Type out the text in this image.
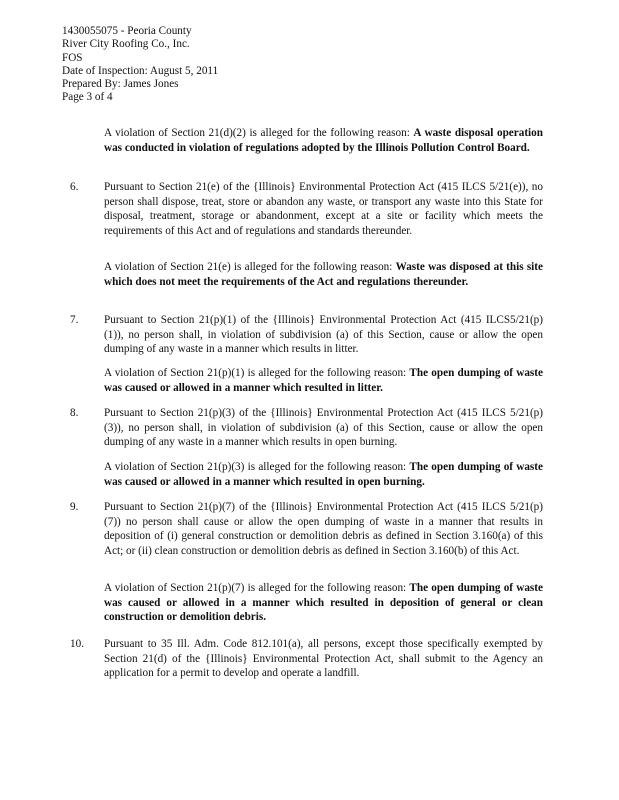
1430055075 - Peoria County
River City Roofing Co., Inc.
FOS
Date of Inspection: August 5, 2011
Prepared By: James Jones
Page 3 of 4
A violation of Section 21(d)(2) is alleged for the following reason: A waste disposal operation was conducted in violation of regulations adopted by the Illinois Pollution Control Board.
6. Pursuant to Section 21(e) of the {Illinois} Environmental Protection Act (415 ILCS 5/21(e)), no person shall dispose, treat, store or abandon any waste, or transport any waste into this State for disposal, treatment, storage or abandonment, except at a site or facility which meets the requirements of this Act and of regulations and standards thereunder.
A violation of Section 21(e) is alleged for the following reason: Waste was disposed at this site which does not meet the requirements of the Act and regulations thereunder.
7. Pursuant to Section 21(p)(1) of the {Illinois} Environmental Protection Act (415 ILCS5/21(p)(1)), no person shall, in violation of subdivision (a) of this Section, cause or allow the open dumping of any waste in a manner which results in litter.
A violation of Section 21(p)(1) is alleged for the following reason: The open dumping of waste was caused or allowed in a manner which resulted in litter.
8. Pursuant to Section 21(p)(3) of the {Illinois} Environmental Protection Act (415 ILCS 5/21(p)(3)), no person shall, in violation of subdivision (a) of this Section, cause or allow the open dumping of any waste in a manner which results in open burning.
A violation of Section 21(p)(3) is alleged for the following reason: The open dumping of waste was caused or allowed in a manner which resulted in open burning.
9. Pursuant to Section 21(p)(7) of the {Illinois} Environmental Protection Act (415 ILCS 5/21(p)(7)) no person shall cause or allow the open dumping of waste in a manner that results in deposition of (i) general construction or demolition debris as defined in Section 3.160(a) of this Act; or (ii) clean construction or demolition debris as defined in Section 3.160(b) of this Act.
A violation of Section 21(p)(7) is alleged for the following reason: The open dumping of waste was caused or allowed in a manner which resulted in deposition of general or clean construction or demolition debris.
10. Pursuant to 35 Ill. Adm. Code 812.101(a), all persons, except those specifically exempted by Section 21(d) of the {Illinois} Environmental Protection Act, shall submit to the Agency an application for a permit to develop and operate a landfill.
